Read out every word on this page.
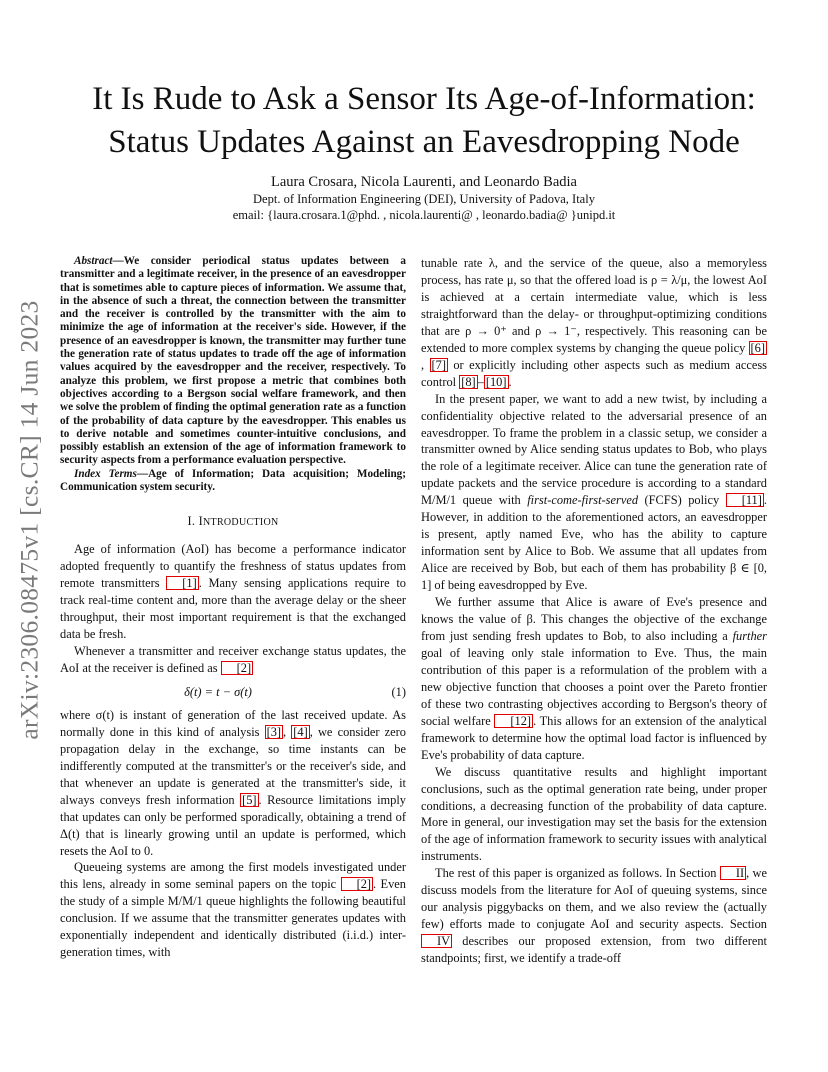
arXiv:2306.08475v1 [cs.CR] 14 Jun 2023
It Is Rude to Ask a Sensor Its Age-of-Information:
Status Updates Against an Eavesdropping Node
Laura Crosara, Nicola Laurenti, and Leonardo Badia
Dept. of Information Engineering (DEI), University of Padova, Italy
email: {laura.crosara.1@phd. , nicola.laurenti@ , leonardo.badia@ }unipd.it

Abstract—We consider periodical status updates between a transmitter and a legitimate receiver, in the presence of an eavesdropper that is sometimes able to capture pieces of information. We assume that, in the absence of such a threat, the connection between the transmitter and the receiver is controlled by the transmitter with the aim to minimize the age of information at the receiver's side. However, if the presence of an eavesdropper is known, the transmitter may further tune the generation rate of status updates to trade off the age of information values acquired by the eavesdropper and the receiver, respectively. To analyze this problem, we first propose a metric that combines both objectives according to a Bergson social welfare framework, and then we solve the problem of finding the optimal generation rate as a function of the probability of data capture by the eavesdropper. This enables us to derive notable and sometimes counter-intuitive conclusions, and possibly establish an extension of the age of information framework to security aspects from a performance evaluation perspective.

Index Terms—Age of Information; Data acquisition; Modeling; Communication system security.

I. INTRODUCTION

Age of information (AoI) has become a performance indicator adopted frequently to quantify the freshness of status updates from remote transmitters [1] . Many sensing applications require to track real-time content and, more than the average delay or the sheer throughput, their most important requirement is that the exchanged data be fresh.

Whenever a transmitter and receiver exchange status updates, the AoI at the receiver is defined as [2]

δ(t) = t − σ(t)	(1)

where σ(t) is instant of generation of the last received update. As normally done in this kind of analysis [3] , [4] , we consider zero propagation delay in the exchange, so time instants can be indifferently computed at the transmitter's or the receiver's side, and that whenever an update is generated at the transmitter's side, it always conveys fresh information [5] . Resource limitations imply that updates can only be performed sporadically, obtaining a trend of Δ(t) that is linearly growing until an update is performed, which resets the AoI to 0.

Queueing systems are among the first models investigated under this lens, already in some seminal papers on the topic [2] . Even the study of a simple M/M/1 queue highlights the following beautiful conclusion. If we assume that the transmitter generates updates with exponentially independent and identically distributed (i.i.d.) inter-generation times, with

tunable rate λ, and the service of the queue, also a memoryless process, has rate μ, so that the offered load is ρ = λ/μ, the lowest AoI is achieved at a certain intermediate value, which is less straightforward than the delay- or throughput-optimizing conditions that are ρ → 0⁺ and ρ → 1⁻, respectively. This reasoning can be extended to more complex systems by changing the queue policy [6], [7] or explicitly including other aspects such as medium access control [8] – [10] .

In the present paper, we want to add a new twist, by including a confidentiality objective related to the adversarial presence of an eavesdropper. To frame the problem in a classic setup, we consider a transmitter owned by Alice sending status updates to Bob, who plays the role of a legitimate receiver. Alice can tune the generation rate of update packets and the service procedure is according to a standard M/M/1 queue with first-come-first-served (FCFS) policy [11] . However, in addition to the aforementioned actors, an eavesdropper is present, aptly named Eve, who has the ability to capture information sent by Alice to Bob. We assume that all updates from Alice are received by Bob, but each of them has probability β ∈ [0, 1] of being eavesdropped by Eve.

We further assume that Alice is aware of Eve's presence and knows the value of β. This changes the objective of the exchange from just sending fresh updates to Bob, to also including a further goal of leaving only stale information to Eve. Thus, the main contribution of this paper is a reformulation of the problem with a new objective function that chooses a point over the Pareto frontier of these two contrasting objectives according to Bergson's theory of social welfare [12] . This allows for an extension of the analytical framework to determine how the optimal load factor is influenced by Eve's probability of data capture.

We discuss quantitative results and highlight important conclusions, such as the optimal generation rate being, under proper conditions, a decreasing function of the probability of data capture. More in general, our investigation may set the basis for the extension of the age of information framework to security issues with analytical instruments.

The rest of this paper is organized as follows. In Section II , we discuss models from the literature for AoI of queuing systems, since our analysis piggybacks on them, and we also review the (actually few) efforts made to conjugate AoI and security aspects. Section IV describes our proposed extension, from two different standpoints; first, we identify a trade-off
